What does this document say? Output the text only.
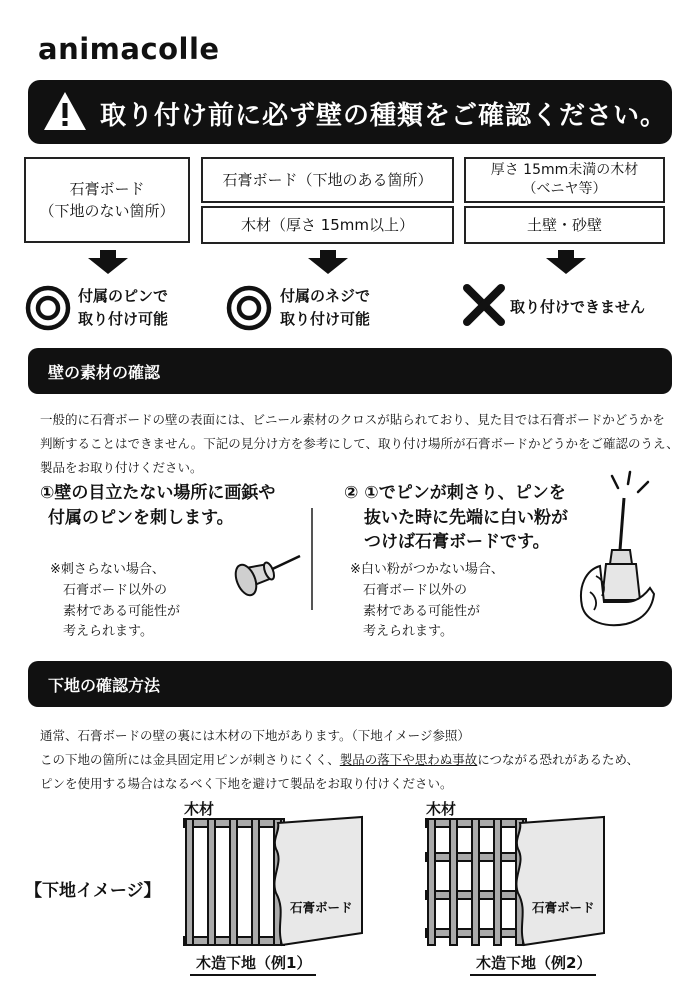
animacolle
取り付け前に必ず壁の種類をご確認ください。
石膏ボード
（下地のない箇所）
石膏ボード（下地のある箇所）
木材（厚さ 15mm以上）
厚さ 15mm未満の木材
（ベニヤ等）
土壁・砂壁
付属のピンで
取り付け可能
付属のネジで
取り付け可能
取り付けできません
壁の素材の確認

一般的に石膏ボードの壁の表面には、ビニール素材のクロスが貼られており、見た目では石膏ボードかどうかを

判断することはできません。下記の見分け方を参考にして、取り付け場所が石膏ボードかどうかをご確認のうえ、

製品をお取り付けください。

①壁の目立たない場所に画鋲や
付属のピンを刺します。
※刺さらない場合、
石膏ボード以外の
素材である可能性が
考えられます。
② ①でピンが刺さり、ピンを
抜いた時に先端に白い粉が
つけば石膏ボードです。
※白い粉がつかない場合、
石膏ボード以外の
素材である可能性が
考えられます。
下地の確認方法

通常、石膏ボードの壁の裏には木材の下地があります。（下地イメージ参照）

この下地の箇所には金具固定用ピンが刺さりにくく、製品の落下や思わぬ事故につながる恐れがあるため、

ピンを使用する場合はなるべく下地を避けて製品をお取り付けください。

【下地イメージ】
木材	木材
石膏ボード	石膏ボード
木造下地（例1）	木造下地（例2）
